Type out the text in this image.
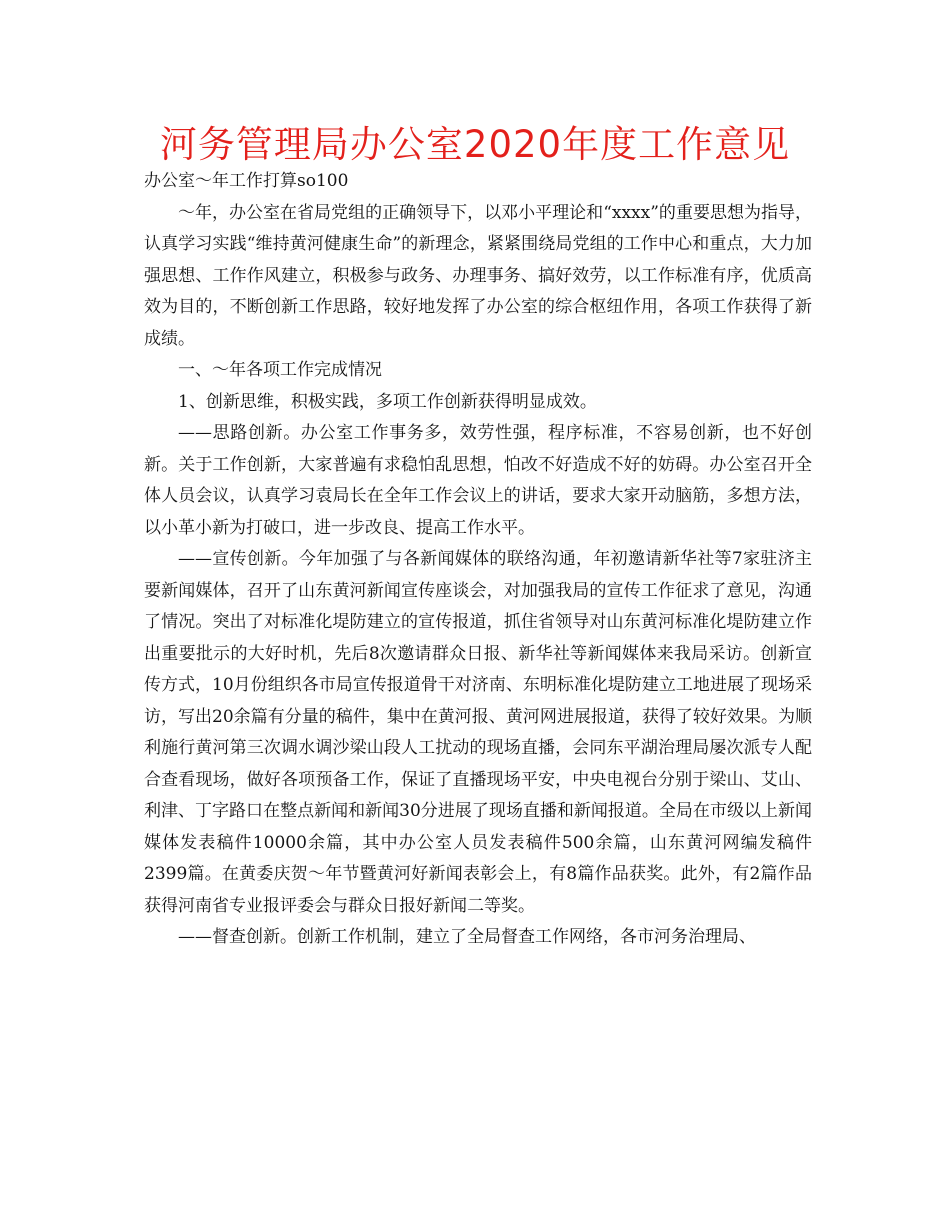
河务管理局办公室2020年度工作意见

办公室～年工作打算so100

～年，办公室在省局党组的正确领导下，以邓小平理论和“xxxx”的重要思想为指导，认真学习实践“维持黄河健康生命”的新理念，紧紧围绕局党组的工作中心和重点，大力加强思想、工作作风建立，积极参与政务、办理事务、搞好效劳，以工作标准有序，优质高效为目的，不断创新工作思路，较好地发挥了办公室的综合枢纽作用，各项工作获得了新成绩。

一、～年各项工作完成情况

1、创新思维，积极实践，多项工作创新获得明显成效。

——思路创新。办公室工作事务多，效劳性强，程序标准，不容易创新，也不好创新。关于工作创新，大家普遍有求稳怕乱思想，怕改不好造成不好的妨碍。办公室召开全体人员会议，认真学习袁局长在全年工作会议上的讲话，要求大家开动脑筋，多想方法，以小革小新为打破口，进一步改良、提高工作水平。

——宣传创新。今年加强了与各新闻媒体的联络沟通，年初邀请新华社等7家驻济主要新闻媒体，召开了山东黄河新闻宣传座谈会，对加强我局的宣传工作征求了意见，沟通了情况。突出了对标准化堤防建立的宣传报道，抓住省领导对山东黄河标准化堤防建立作出重要批示的大好时机，先后8次邀请群众日报、新华社等新闻媒体来我局采访。创新宣传方式，10月份组织各市局宣传报道骨干对济南、东明标准化堤防建立工地进展了现场采访，写出20余篇有分量的稿件，集中在黄河报、黄河网进展报道，获得了较好效果。为顺利施行黄河第三次调水调沙梁山段人工扰动的现场直播，会同东平湖治理局屡次派专人配合查看现场，做好各项预备工作，保证了直播现场平安，中央电视台分别于梁山、艾山、利津、丁字路口在整点新闻和新闻30分进展了现场直播和新闻报道。全局在市级以上新闻媒体发表稿件10000余篇，其中办公室人员发表稿件500余篇，山东黄河网编发稿件2399篇。在黄委庆贺～年节暨黄河好新闻表彰会上，有8篇作品获奖。此外，有2篇作品获得河南省专业报评委会与群众日报好新闻二等奖。

——督查创新。创新工作机制，建立了全局督查工作网络，各市河务治理局、
